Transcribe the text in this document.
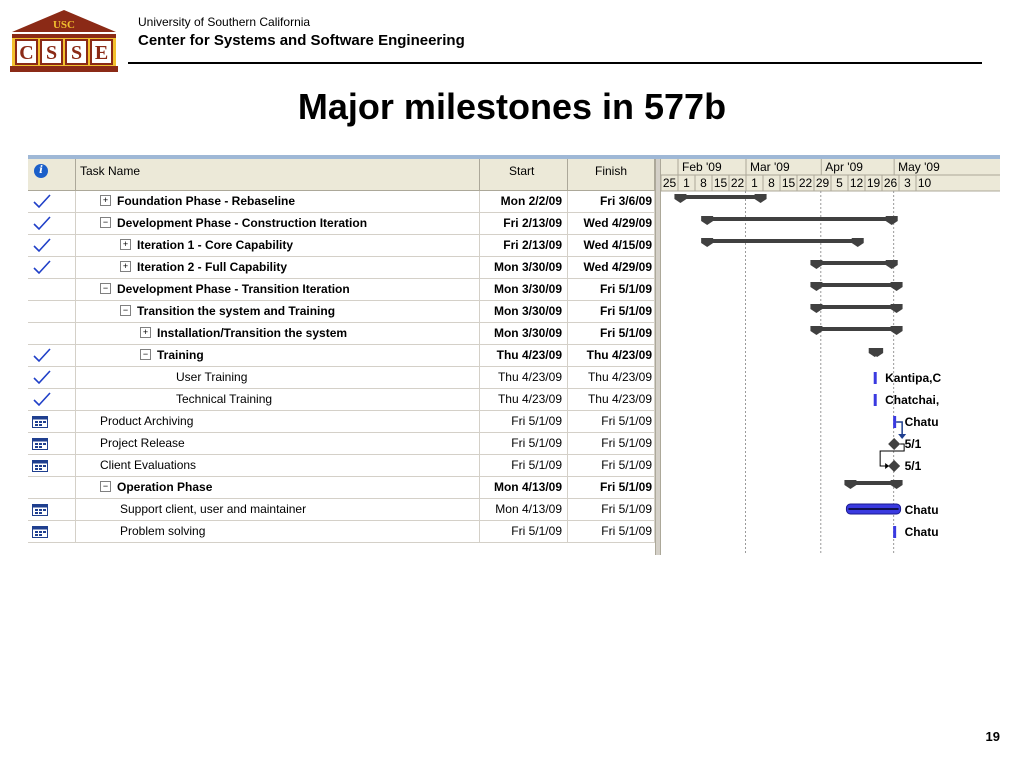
USC
C S S E
University of Southern California
Center for Systems and Software Engineering
Major milestones in 577b
i	Task Name	Start	Finish
+ Foundation Phase - Rebaseline	Mon 2/2/09	Fri 3/6/09
− Development Phase - Construction Iteration	Fri 2/13/09	Wed 4/29/09
+ Iteration 1 - Core Capability	Fri 2/13/09	Wed 4/15/09
+ Iteration 2 - Full Capability	Mon 3/30/09	Wed 4/29/09
− Development Phase - Transition Iteration	Mon 3/30/09	Fri 5/1/09
− Transition the system and Training	Mon 3/30/09	Fri 5/1/09
+ Installation/Transition the system	Mon 3/30/09	Fri 5/1/09
− Training	Thu 4/23/09	Thu 4/23/09
User Training	Thu 4/23/09	Thu 4/23/09
Technical Training	Thu 4/23/09	Thu 4/23/09
Product Archiving	Fri 5/1/09	Fri 5/1/09
Project Release	Fri 5/1/09	Fri 5/1/09
Client Evaluations	Fri 5/1/09	Fri 5/1/09
− Operation Phase	Mon 4/13/09	Fri 5/1/09
Support client, user and maintainer	Mon 4/13/09	Fri 5/1/09
Problem solving	Fri 5/1/09	Fri 5/1/09
Feb '09 Mar '09	Apr '09	May '09
25 1 8 15 22 1 8 15 22 29 5 12 19 26 3 10
Kantipa,C
Chatchai,
Chatu
5/1
5/1
Chatu
Chatu
19
